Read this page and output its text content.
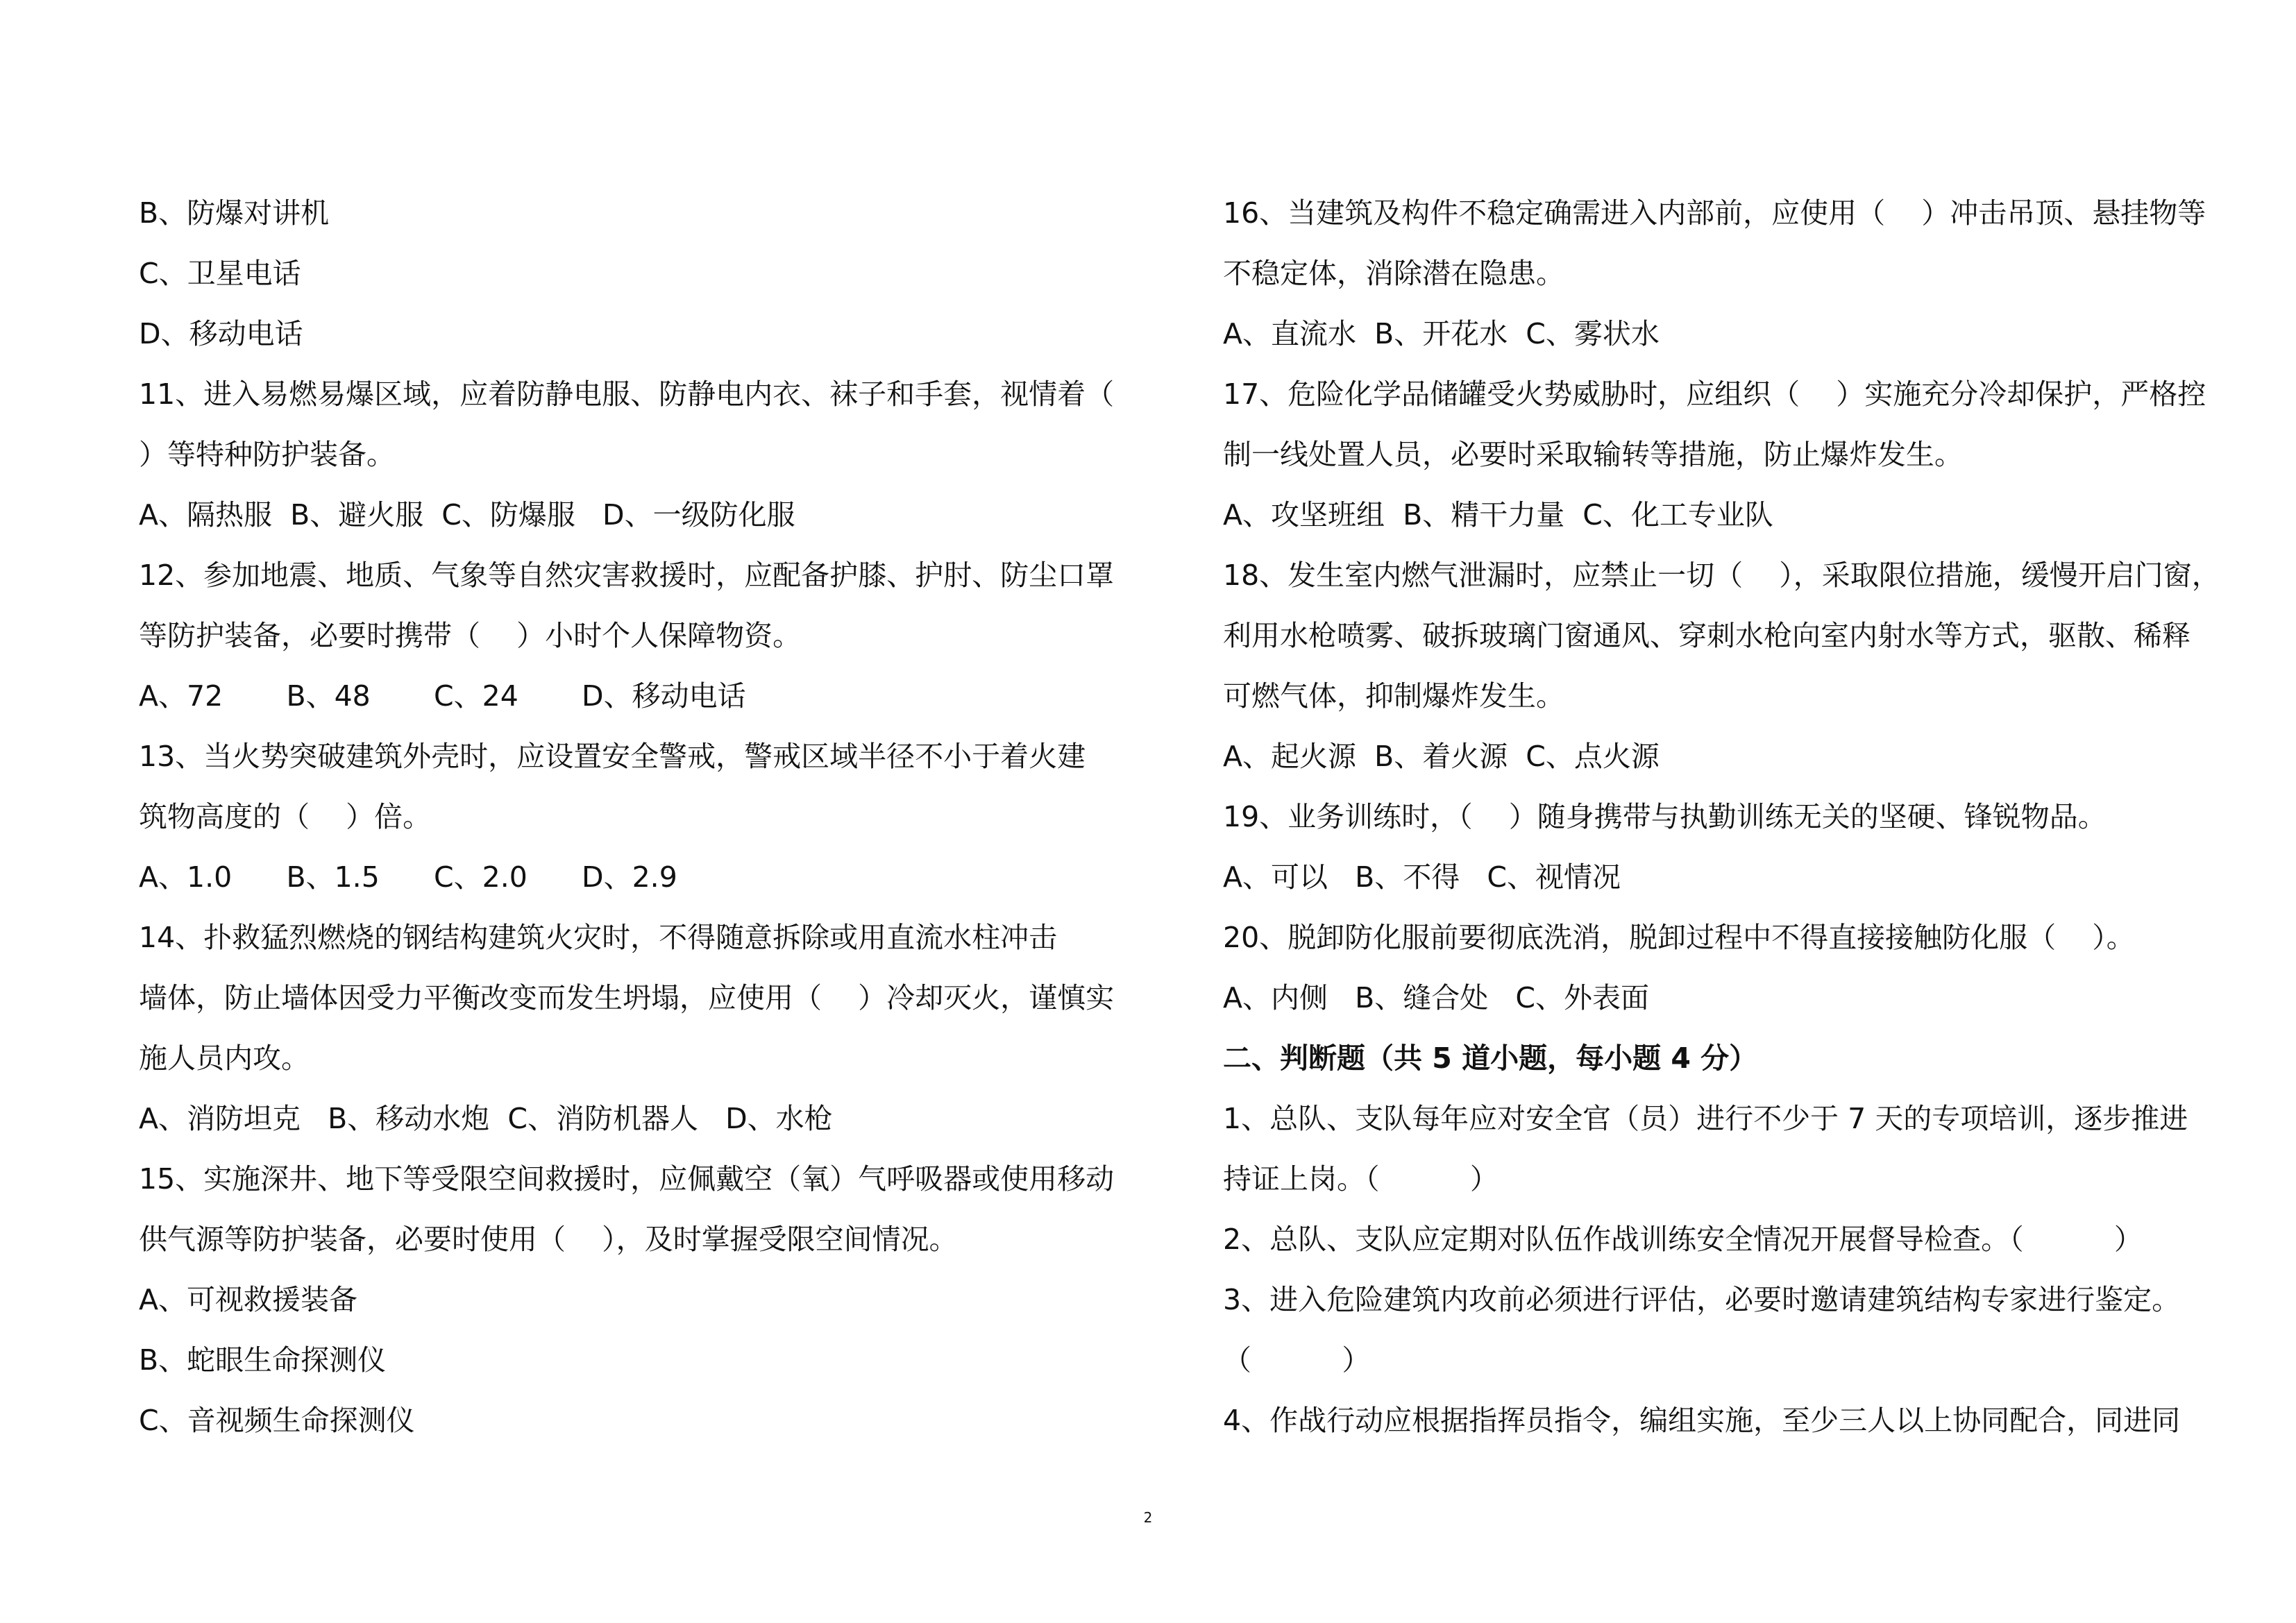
B、防爆对讲机
C、卫星电话
D、移动电话
11、进入易燃易爆区域，应着防静电服、防静电内衣、袜子和手套，视情着（
）等特种防护装备。
A、隔热服  B、避火服  C、防爆服   D、一级防化服
12、参加地震、地质、气象等自然灾害救援时，应配备护膝、护肘、防尘口罩
等防护装备，必要时携带（    ）小时个人保障物资。
A、72       B、48       C、24       D、移动电话
13、当火势突破建筑外壳时，应设置安全警戒，警戒区域半径不小于着火建
筑物高度的（    ）倍。
A、1.0      B、1.5      C、2.0      D、2.9
14、扑救猛烈燃烧的钢结构建筑火灾时，不得随意拆除或用直流水柱冲击
墙体，防止墙体因受力平衡改变而发生坍塌，应使用（    ）冷却灭火，谨慎实
施人员内攻。
A、消防坦克   B、移动水炮  C、消防机器人   D、水枪
15、实施深井、地下等受限空间救援时，应佩戴空（氧）气呼吸器或使用移动
供气源等防护装备，必要时使用（    ），及时掌握受限空间情况。
A、可视救援装备
B、蛇眼生命探测仪
C、音视频生命探测仪
16、当建筑及构件不稳定确需进入内部前，应使用（    ）冲击吊顶、悬挂物等
不稳定体，消除潜在隐患。
A、直流水  B、开花水  C、雾状水
17、危险化学品储罐受火势威胁时，应组织（    ）实施充分冷却保护，严格控
制一线处置人员，必要时采取输转等措施，防止爆炸发生。
A、攻坚班组  B、精干力量  C、化工专业队
18、发生室内燃气泄漏时，应禁止一切（    ），采取限位措施，缓慢开启门窗，
利用水枪喷雾、破拆玻璃门窗通风、穿刺水枪向室内射水等方式，驱散、稀释
可燃气体，抑制爆炸发生。
A、起火源  B、着火源  C、点火源
19、业务训练时，（    ）随身携带与执勤训练无关的坚硬、锋锐物品。
A、可以   B、不得   C、视情况
20、脱卸防化服前要彻底洗消，脱卸过程中不得直接接触防化服（    ）。
A、内侧   B、缝合处   C、外表面
二、判断题（共 5 道小题，每小题 4 分）
1、总队、支队每年应对安全官（员）进行不少于 7 天的专项培训，逐步推进
持证上岗。（          ）
2、总队、支队应定期对队伍作战训练安全情况开展督导检查。（          ）
3、进入危险建筑内攻前必须进行评估，必要时邀请建筑结构专家进行鉴定。
（          ）
4、作战行动应根据指挥员指令，编组实施，至少三人以上协同配合，同进同
2
